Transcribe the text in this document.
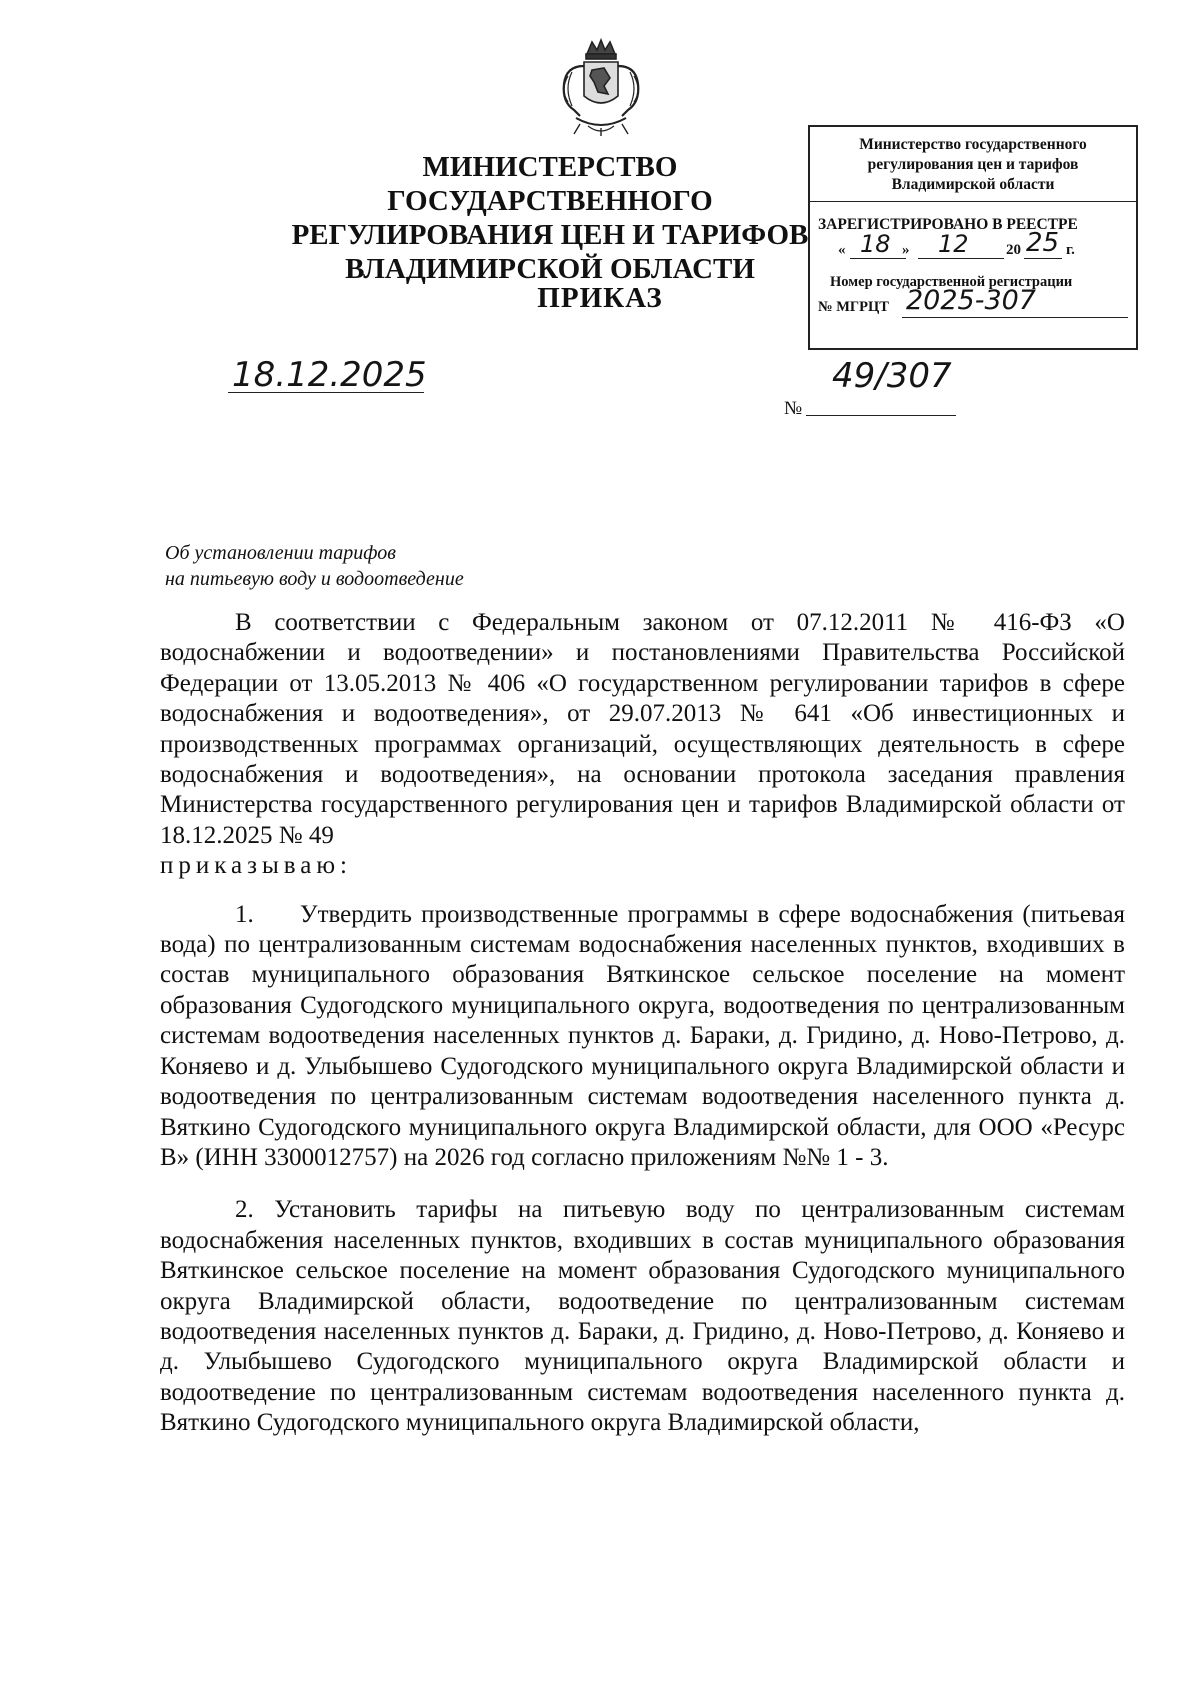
МИНИСТЕРСТВО ГОСУДАРСТВЕННОГО
РЕГУЛИРОВАНИЯ ЦЕН И ТАРИФОВ
ВЛАДИМИРСКОЙ ОБЛАСТИ
ПРИКАЗ
Министерство государственного
регулирования цен и тарифов
Владимирской области
ЗАРЕГИСТРИРОВАНО В РЕЕСТРЕ
« 18 » 12 20 25 г.
Номер государственной регистрации
№ МГРЦТ 2025-307
18.12.2025
№
49/307
Об установлении тарифов
на питьевую воду и водоотведение

В соответствии с Федеральным законом от 07.12.2011 № 416-ФЗ «О водоснабжении и водоотведении» и постановлениями Правительства Российской Федерации от 13.05.2013 № 406 «О государственном регулировании тарифов в сфере водоснабжения и водоотведения», от 29.07.2013 № 641 «Об инвестиционных и производственных программах организаций, осуществляющих деятельность в сфере водоснабжения и водоотведения», на основании протокола заседания правления Министерства государственного регулирования цен и тарифов Владимирской области от 18.12.2025 № 49
приказываю:

1.     Утвердить производственные программы в сфере водоснабжения (питьевая вода) по централизованным системам водоснабжения населенных пунктов, входивших в состав муниципального образования Вяткинское сельское поселение на момент образования Судогодского муниципального округа, водоотведения по централизованным системам водоотведения населенных пунктов д. Бараки, д. Гридино, д. Ново-Петрово, д. Коняево и д. Улыбышево Судогодского муниципального округа Владимирской области и водоотведения по централизованным системам водоотведения населенного пункта д. Вяткино Судогодского муниципального округа Владимирской области, для ООО «Ресурс В» (ИНН 3300012757) на 2026 год согласно приложениям №№ 1 - 3.

2. Установить тарифы на питьевую воду по централизованным системам водоснабжения населенных пунктов, входивших в состав муниципального образования Вяткинское сельское поселение на момент образования Судогодского муниципального округа Владимирской области, водоотведение по централизованным системам водоотведения населенных пунктов д. Бараки, д. Гридино, д. Ново-Петрово, д. Коняево и д. Улыбышево Судогодского муниципального округа Владимирской области и водоотведение по централизованным системам водоотведения населенного пункта д. Вяткино Судогодского муниципального округа Владимирской области,
